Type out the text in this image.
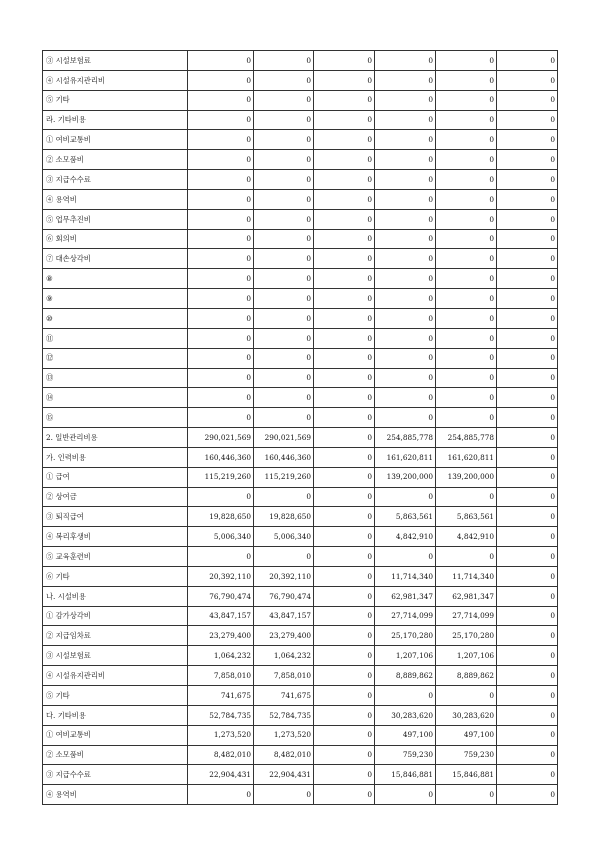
③ 시설보험료	0	0	0	0	0	0
④ 시설유지관리비	0	0	0	0	0	0
⑤ 기타	0	0	0	0	0	0
라. 기타비용	0	0	0	0	0	0
① 여비교통비	0	0	0	0	0	0
② 소모품비	0	0	0	0	0	0
③ 지급수수료	0	0	0	0	0	0
④ 용역비	0	0	0	0	0	0
⑤ 업무추진비	0	0	0	0	0	0
⑥ 회의비	0	0	0	0	0	0
⑦ 대손상각비	0	0	0	0	0	0
⑧	0	0	0	0	0	0
⑨	0	0	0	0	0	0
⑩	0	0	0	0	0	0
⑪	0	0	0	0	0	0
⑫	0	0	0	0	0	0
⑬	0	0	0	0	0	0
⑭	0	0	0	0	0	0
⑮	0	0	0	0	0	0
2. 일반관리비용	290,021,569	290,021,569	0	254,885,778	254,885,778	0
가. 인력비용	160,446,360	160,446,360	0	161,620,811	161,620,811	0
① 급여	115,219,260	115,219,260	0	139,200,000	139,200,000	0
② 상여금	0	0	0	0	0	0
③ 퇴직급여	19,828,650	19,828,650	0	5,863,561	5,863,561	0
④ 복리후생비	5,006,340	5,006,340	0	4,842,910	4,842,910	0
⑤ 교육훈련비	0	0	0	0	0	0
⑥ 기타	20,392,110	20,392,110	0	11,714,340	11,714,340	0
나. 시설비용	76,790,474	76,790,474	0	62,981,347	62,981,347	0
① 감가상각비	43,847,157	43,847,157	0	27,714,099	27,714,099	0
② 지급임차료	23,279,400	23,279,400	0	25,170,280	25,170,280	0
③ 시설보험료	1,064,232	1,064,232	0	1,207,106	1,207,106	0
④ 시설유지관리비	7,858,010	7,858,010	0	8,889,862	8,889,862	0
⑤ 기타	741,675	741,675	0	0	0	0
다. 기타비용	52,784,735	52,784,735	0	30,283,620	30,283,620	0
① 여비교통비	1,273,520	1,273,520	0	497,100	497,100	0
② 소모품비	8,482,010	8,482,010	0	759,230	759,230	0
③ 지급수수료	22,904,431	22,904,431	0	15,846,881	15,846,881	0
④ 용역비	0	0	0	0	0	0
